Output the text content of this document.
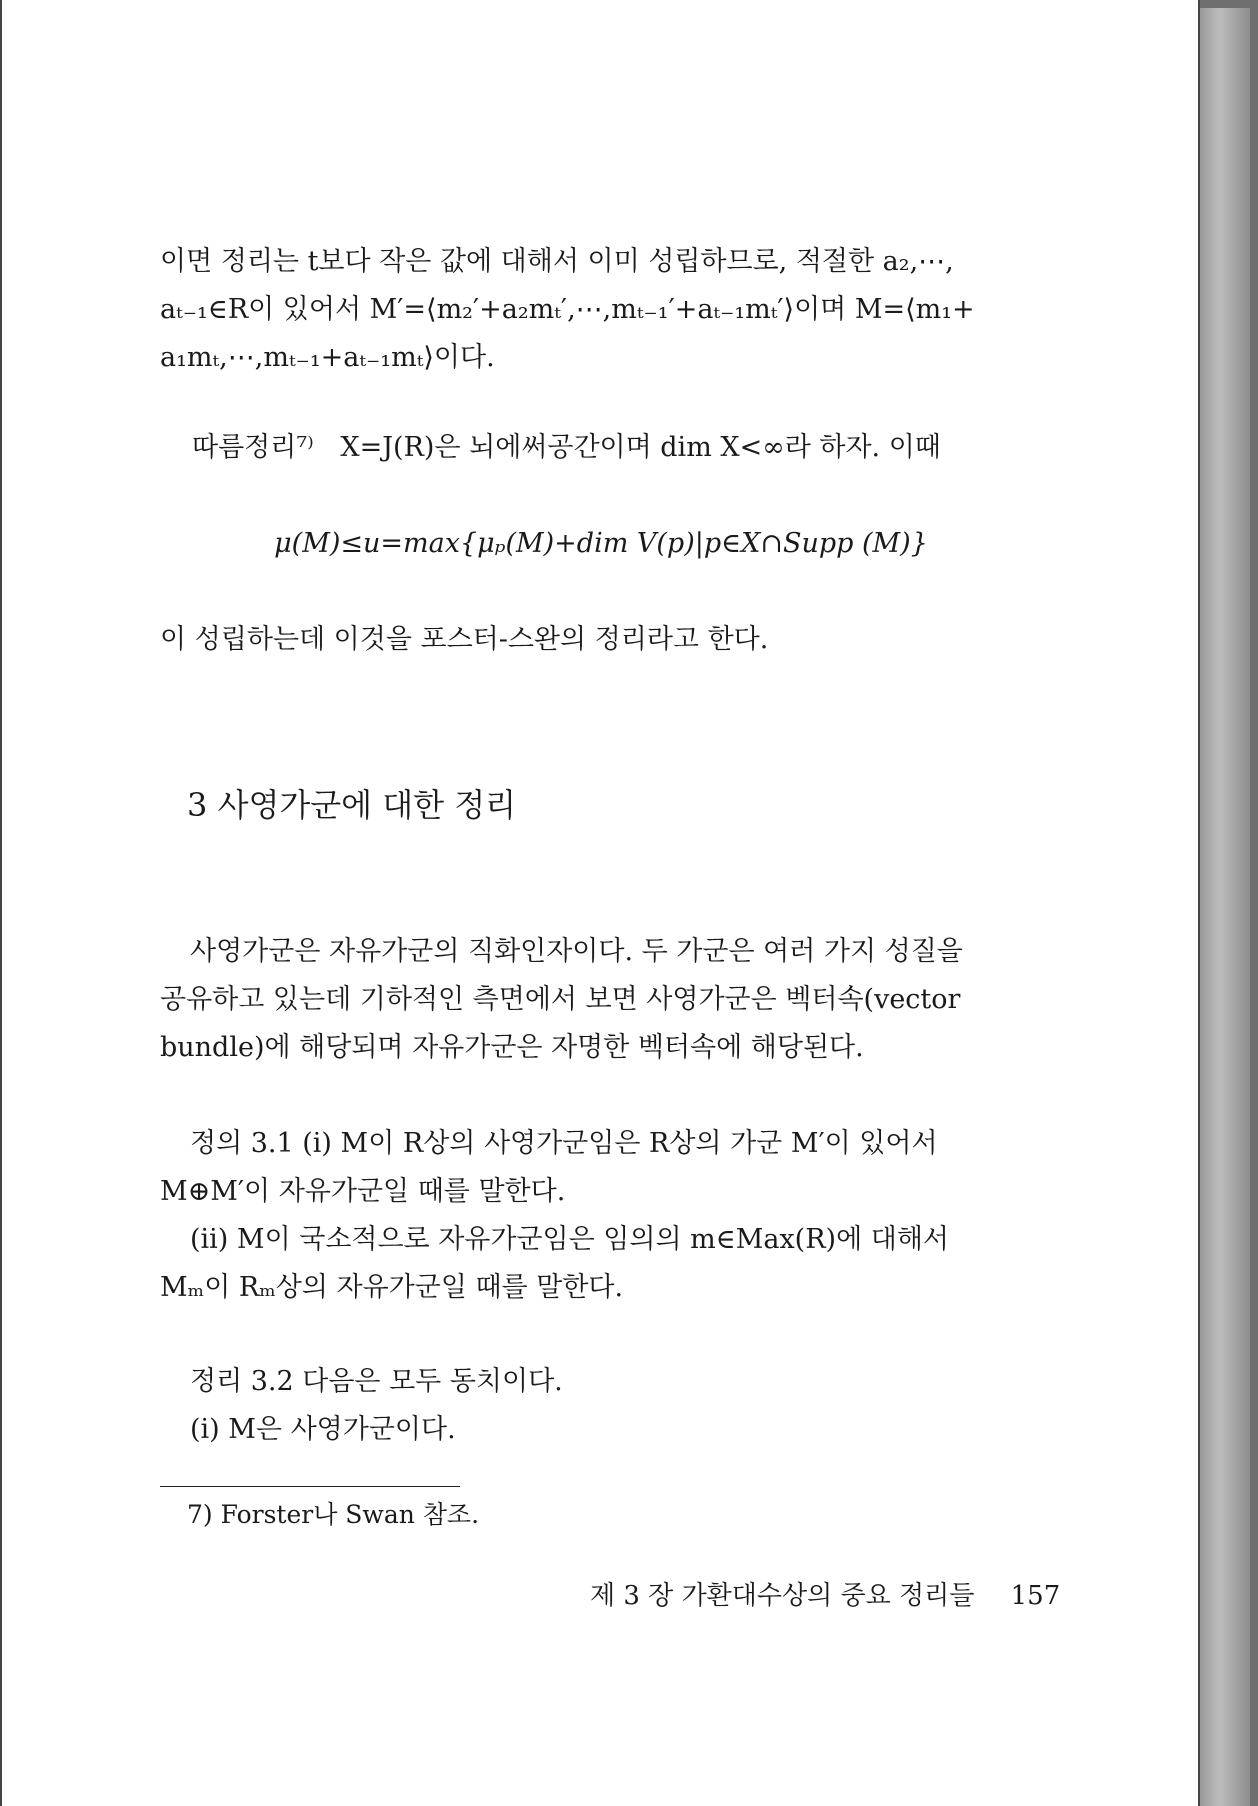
이면 정리는 t보다 작은 값에 대해서 이미 성립하므로, 적절한 a₂,⋯,
aₜ₋₁∈R이 있어서 M′=⟨m₂′+a₂mₜ′,⋯,mₜ₋₁′+aₜ₋₁mₜ′⟩이며 M=⟨m₁+
a₁mₜ,⋯,mₜ₋₁+aₜ₋₁mₜ⟩이다.
따름정리⁷⁾ X=J(R)은 뇌에써공간이며 dim X<∞라 하자. 이때
μ(M)≤u=max{μₚ(M)+dim V(p)|p∈X∩Supp (M)}
이 성립하는데 이것을 포스터-스완의 정리라고 한다.
3 사영가군에 대한 정리
사영가군은 자유가군의 직화인자이다. 두 가군은 여러 가지 성질을
공유하고 있는데 기하적인 측면에서 보면 사영가군은 벡터속(vector
bundle)에 해당되며 자유가군은 자명한 벡터속에 해당된다.
정의 3.1 (i) M이 R상의 사영가군임은 R상의 가군 M′이 있어서
M⊕M′이 자유가군일 때를 말한다.
(ii) M이 국소적으로 자유가군임은 임의의 m∈Max(R)에 대해서
Mₘ이 Rₘ상의 자유가군일 때를 말한다.
정리 3.2 다음은 모두 동치이다.
(i) M은 사영가군이다.
7) Forster나 Swan 참조.
제 3 장 가환대수상의 중요 정리들 157
